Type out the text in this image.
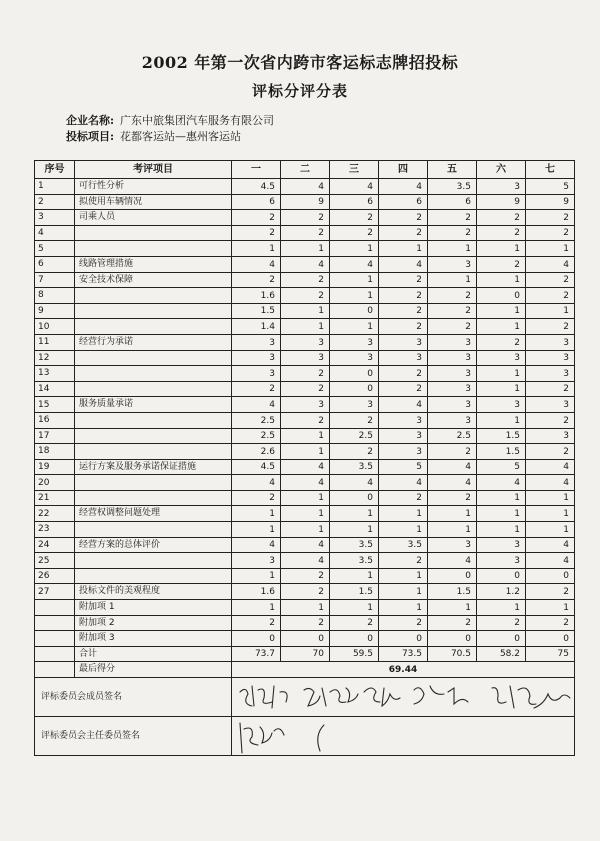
2002 年第一次省内跨市客运标志牌招投标
评标分评分表
企业名称: 广东中旅集团汽车服务有限公司
投标项目: 花都客运站—惠州客运站
序号	考评项目	一	二	三	四	五	六	七
1	可行性分析	4.5	4	4	4	3.5	3	5
2	拟使用车辆情况	6	9	6	6	6	9	9
3	司乘人员	2	2	2	2	2	2	2
4		2	2	2	2	2	2	2
5		1	1	1	1	1	1	1
6	线路管理措施	4	4	4	4	3	2	4
7	安全技术保障	2	2	1	2	1	1	2
8		1.6	2	1	2	2	0	2
9		1.5	1	0	2	2	1	1
10		1.4	1	1	2	2	1	2
11	经营行为承诺	3	3	3	3	3	2	3
12		3	3	3	3	3	3	3
13		3	2	0	2	3	1	3
14		2	2	0	2	3	1	2
15	服务质量承诺	4	3	3	4	3	3	3
16		2.5	2	2	3	3	1	2
17		2.5	1	2.5	3	2.5	1.5	3
18		2.6	1	2	3	2	1.5	2
19	运行方案及服务承诺保证措施	4.5	4	3.5	5	4	5	4
20		4	4	4	4	4	4	4
21		2	1	0	2	2	1	1
22	经营权调整问题处理	1	1	1	1	1	1	1
23		1	1	1	1	1	1	1
24	经营方案的总体评价	4	4	3.5	3.5	3	3	4
25		3	4	3.5	2	4	3	4
26		1	2	1	1	0	0	0
27	投标文件的美观程度	1.6	2	1.5	1	1.5	1.2	2
	附加项 1	1	1	1	1	1	1	1
	附加项 2	2	2	2	2	2	2	2
	附加项 3	0	0	0	0	0	0	0
	合计	73.7	70	59.5	73.5	70.5	58.2	75
	最后得分	69.44						

评标委员会成员签名

评标委员会主任委员签名
